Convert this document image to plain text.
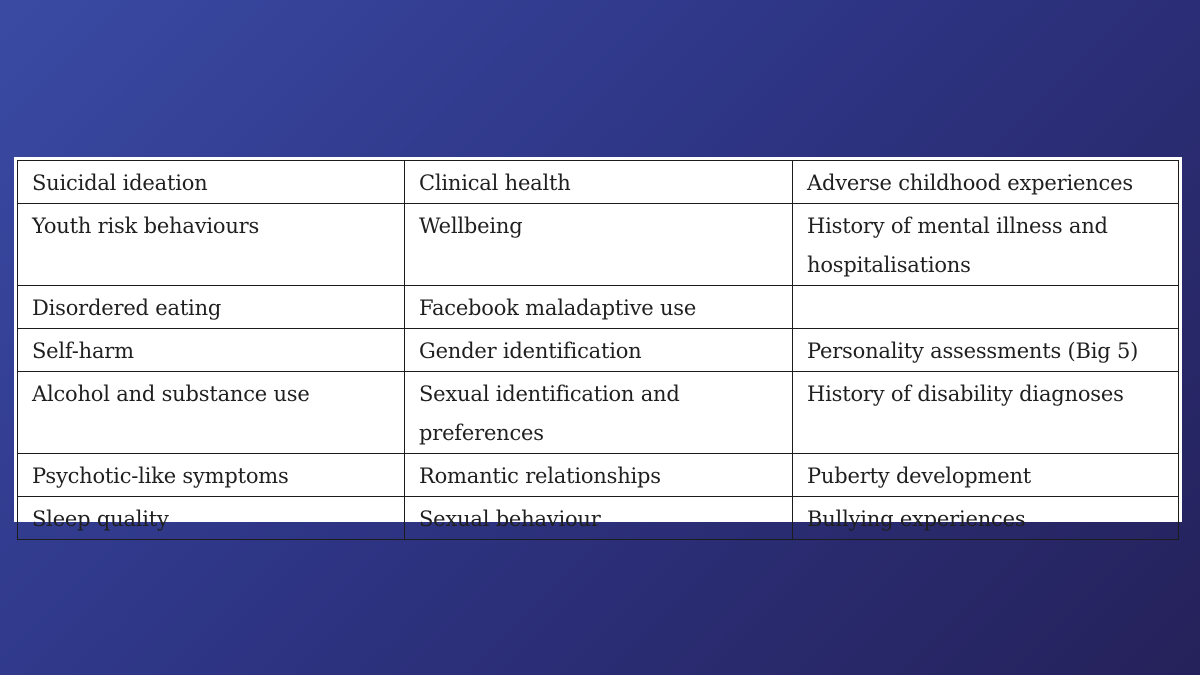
Suicidal ideation	Clinical health	Adverse childhood experiences
Youth risk behaviours	Wellbeing	History of mental illness and hospitalisations
Disordered eating	Facebook maladaptive use	
Self-harm	Gender identification	Personality assessments (Big 5)
Alcohol and substance use	Sexual identification and preferences	History of disability diagnoses
Psychotic-like symptoms	Romantic relationships	Puberty development
Sleep quality	Sexual behaviour	Bullying experiences
